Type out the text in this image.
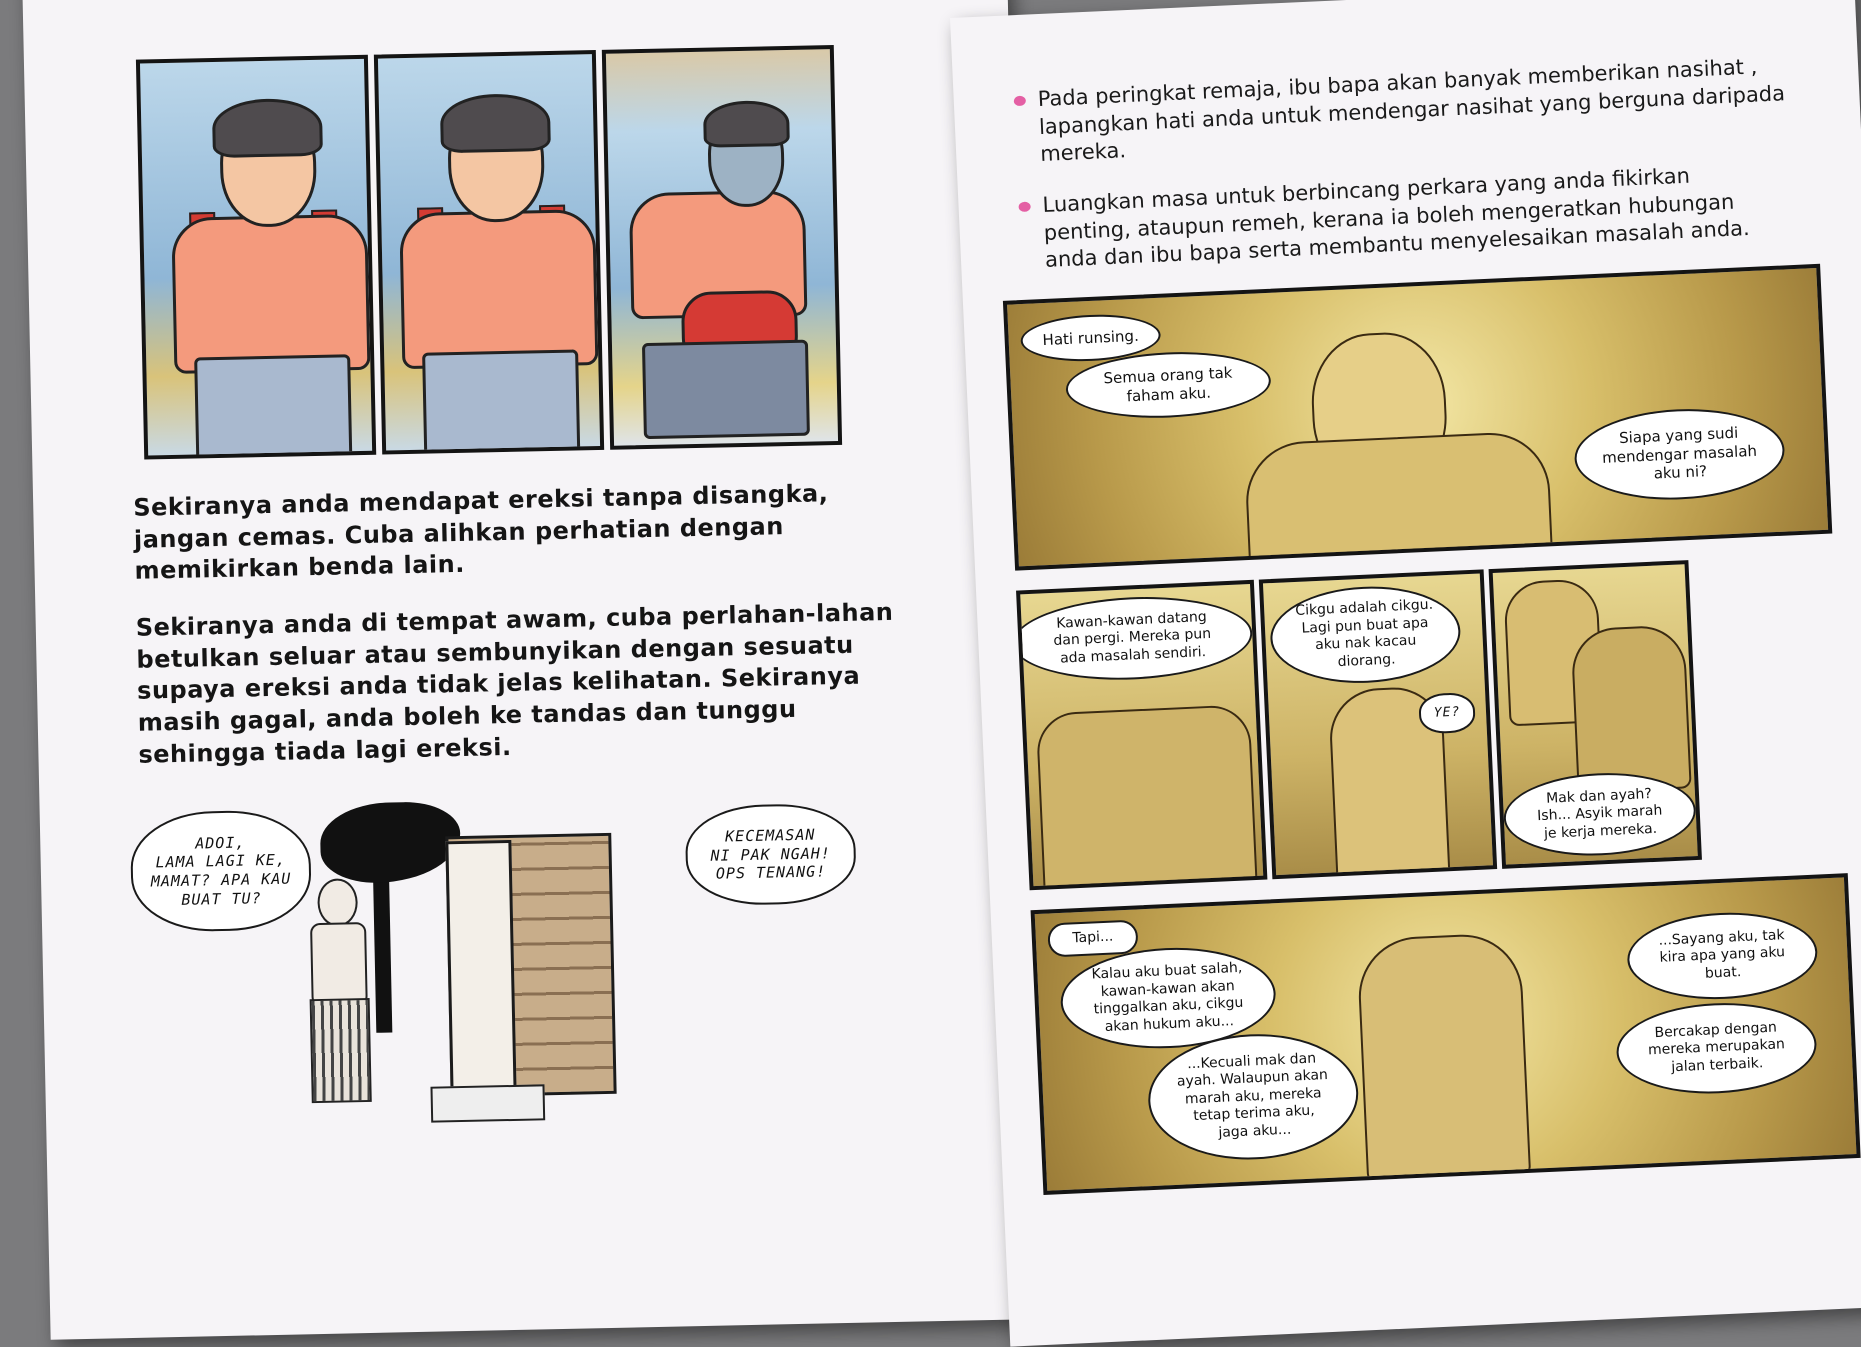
Sekiranya anda mendapat ereksi tanpa disangka,
jangan cemas. Cuba alihkan perhatian dengan
memikirkan benda lain.
Sekiranya anda di tempat awam, cuba perlahan-lahan
betulkan seluar atau sembunyikan dengan sesuatu
supaya ereksi anda tidak jelas kelihatan. Sekiranya
masih gagal, anda boleh ke tandas dan tunggu
sehingga tiada lagi ereksi.
ADOI,
LAMA LAGI KE,
MAMAT? APA KAU
BUAT TU?
KECEMASAN
NI PAK NGAH!
OPS TENANG!
Pada peringkat remaja, ibu bapa akan banyak memberikan nasihat ,
lapangkan hati anda untuk mendengar nasihat yang berguna daripada
mereka.
Luangkan masa untuk berbincang perkara yang anda fikirkan
penting, ataupun remeh, kerana ia boleh mengeratkan hubungan
anda dan ibu bapa serta membantu menyelesaikan masalah anda.
Hati runsing.
Semua orang tak
faham aku.
Siapa yang sudi
mendengar masalah
aku ni?
Kawan-kawan datang
dan pergi. Mereka pun
ada masalah sendiri.
Cikgu adalah cikgu.
Lagi pun buat apa
aku nak kacau
diorang.
YE?
Mak dan ayah?
Ish... Asyik marah
je kerja mereka.
Tapi...
Kalau aku buat salah,
kawan-kawan akan
tinggalkan aku, cikgu
akan hukum aku...
...Kecuali mak dan
ayah. Walaupun akan
marah aku, mereka
tetap terima aku,
jaga aku...
...Sayang aku, tak
kira apa yang aku
buat.
Bercakap dengan
mereka merupakan
jalan terbaik.
